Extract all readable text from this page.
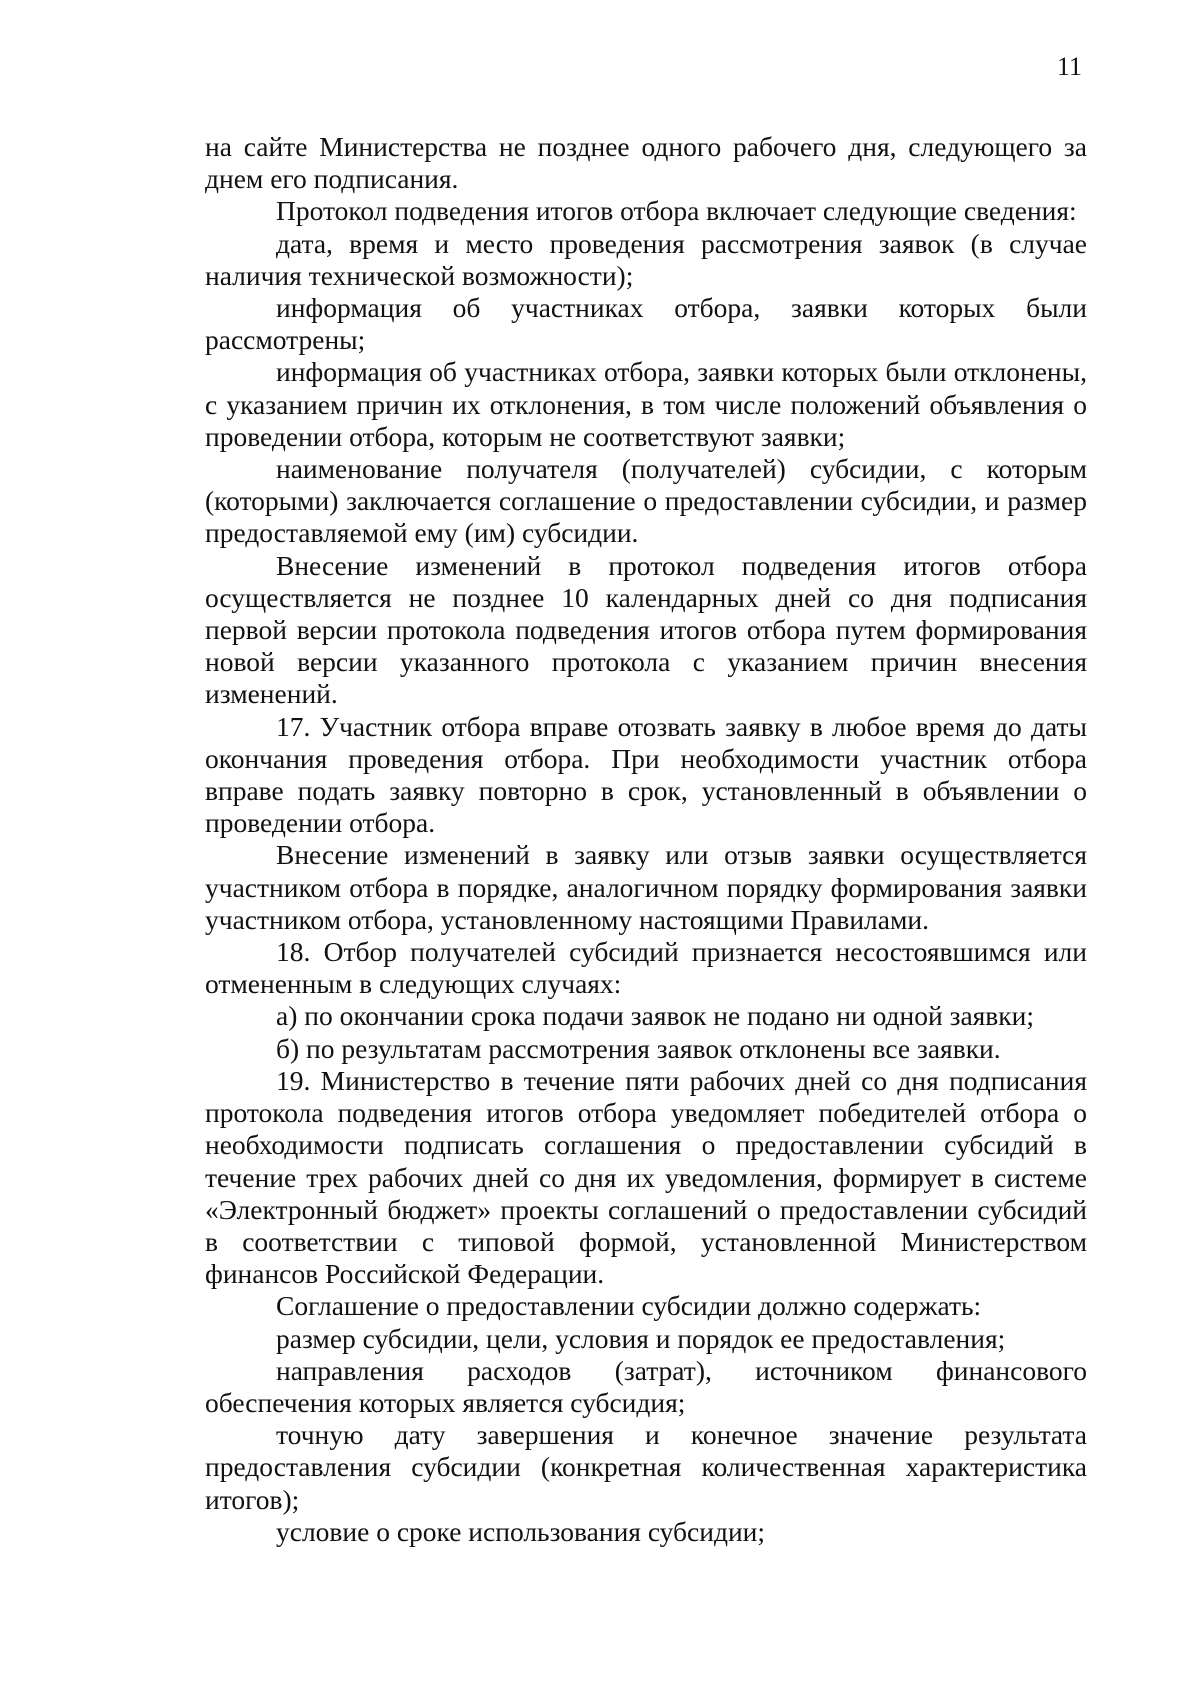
11

на сайте Министерства не позднее одного рабочего дня, следующего за днем его подписания.

Протокол подведения итогов отбора включает следующие сведения:

дата, время и место проведения рассмотрения заявок (в случае наличия технической возможности);

информация об участниках отбора, заявки которых были рассмотрены;

информация об участниках отбора, заявки которых были отклонены, с указанием причин их отклонения, в том числе положений объявления о проведении отбора, которым не соответствуют заявки;

наименование получателя (получателей) субсидии, с которым (которыми) заключается соглашение о предоставлении субсидии, и размер предоставляемой ему (им) субсидии.

Внесение изменений в протокол подведения итогов отбора осуществляется не позднее 10 календарных дней со дня подписания первой версии протокола подведения итогов отбора путем формирования новой версии указанного протокола с указанием причин внесения изменений.

17. Участник отбора вправе отозвать заявку в любое время до даты окончания проведения отбора. При необходимости участник отбора вправе подать заявку повторно в срок, установленный в объявлении о проведении отбора.

Внесение изменений в заявку или отзыв заявки осуществляется участником отбора в порядке, аналогичном порядку формирования заявки участником отбора, установленному настоящими Правилами.

18. Отбор получателей субсидий признается несостоявшимся или отмененным в следующих случаях:

а) по окончании срока подачи заявок не подано ни одной заявки;

б) по результатам рассмотрения заявок отклонены все заявки.

19. Министерство в течение пяти рабочих дней со дня подписания протокола подведения итогов отбора уведомляет победителей отбора о необходимости подписать соглашения о предоставлении субсидий в течение трех рабочих дней со дня их уведомления, формирует в системе «Электронный бюджет» проекты соглашений о предоставлении субсидий в соответствии с типовой формой, установленной Министерством финансов Российской Федерации.

Соглашение о предоставлении субсидии должно содержать:

размер субсидии, цели, условия и порядок ее предоставления;

направления расходов (затрат), источником финансового обеспечения которых является субсидия;

точную дату завершения и конечное значение результата предоставления субсидии (конкретная количественная характеристика итогов);

условие о сроке использования субсидии;
